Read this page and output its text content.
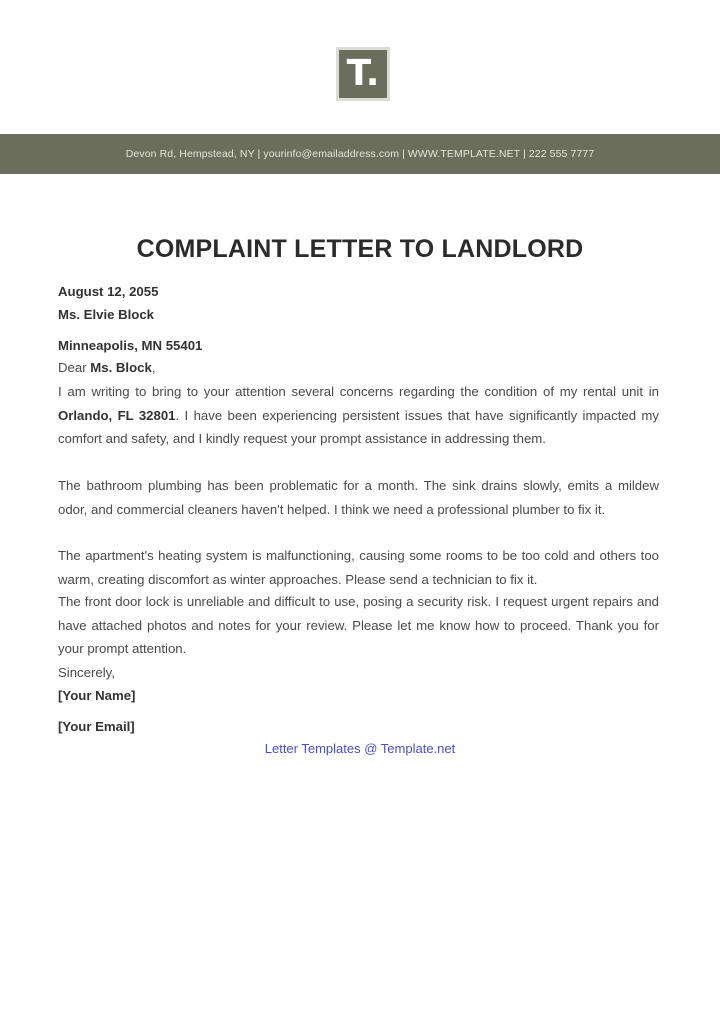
T.
Devon Rd, Hempstead, NY | yourinfo@emailaddress.com | WWW.TEMPLATE.NET | 222 555 7777
COMPLAINT LETTER TO LANDLORD
August 12, 2055
Ms. Elvie Block
Minneapolis, MN 55401
Dear Ms. Block,
I am writing to bring to your attention several concerns regarding the condition of my rental unit in Orlando, FL 32801. I have been experiencing persistent issues that have significantly impacted my comfort and safety, and I kindly request your prompt assistance in addressing them.
The bathroom plumbing has been problematic for a month. The sink drains slowly, emits a mildew odor, and commercial cleaners haven't helped. I think we need a professional plumber to fix it.
The apartment's heating system is malfunctioning, causing some rooms to be too cold and others too warm, creating discomfort as winter approaches. Please send a technician to fix it.
The front door lock is unreliable and difficult to use, posing a security risk. I request urgent repairs and have attached photos and notes for your review. Please let me know how to proceed. Thank you for your prompt attention.
Sincerely,
[Your Name]
[Your Email]
Letter Templates @ Template.net
